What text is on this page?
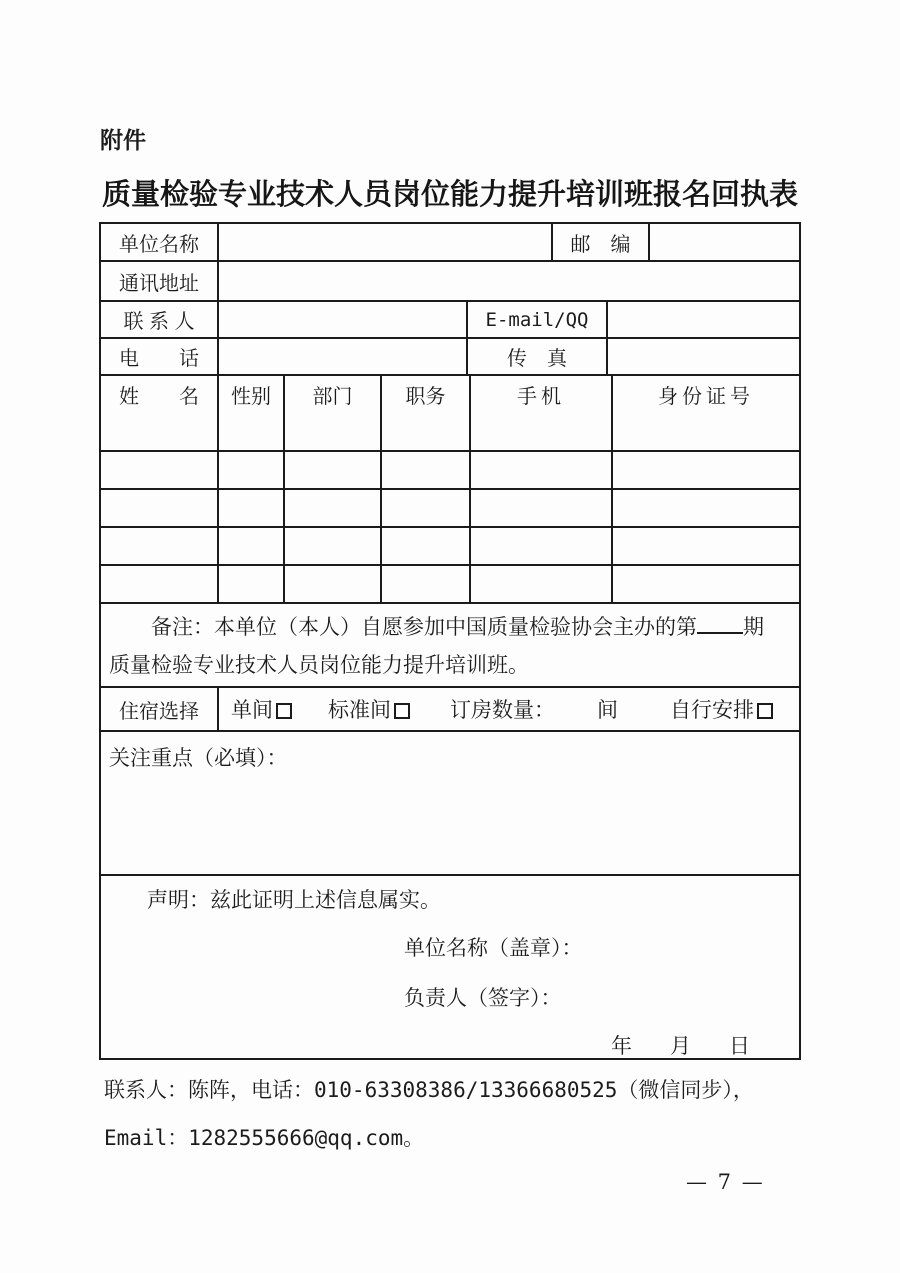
附件
质量检验专业技术人员岗位能力提升培训班报名回执表
单位名称	邮　编
通讯地址
联 系 人	E-mail/QQ
电　　话	传　真
姓　　名	性别	部门	职务	手机	身份证号
备注：本单位（本人）自愿参加中国质量检验协会主办的第 期
质量检验专业技术人员岗位能力提升培训班。
住宿选择	单间	标准间	订房数量： 间 自行安排
关注重点（必填）：
声明：兹此证明上述信息属实。
单位名称（盖章）：
负责人（签字）：
年 月 日
联系人：陈阵，电话：010-63308386/13366680525（微信同步），
Email：1282555666@qq.com。
— 7 —
